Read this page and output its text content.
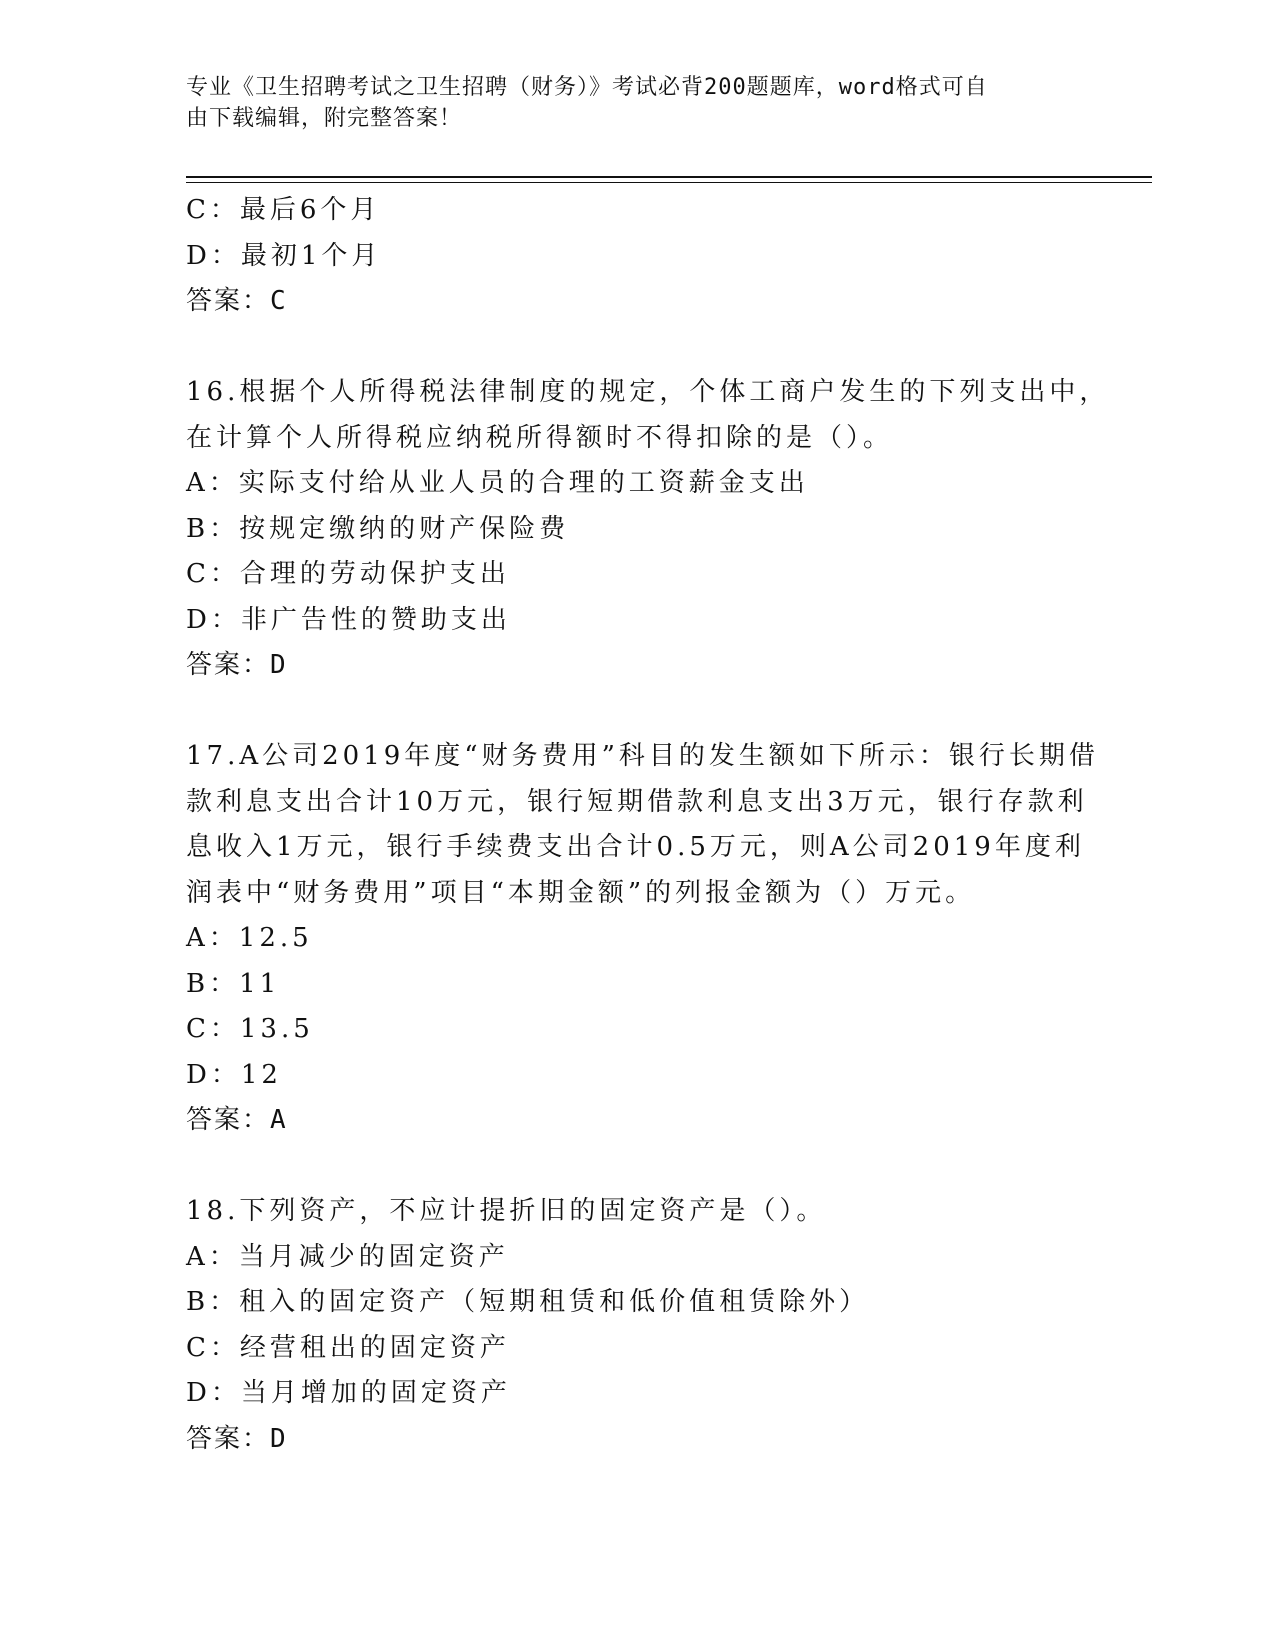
专业《卫生招聘考试之卫生招聘（财务）》考试必背200题题库，word格式可自
由下载编辑，附完整答案！
C：最后6个月
D：最初1个月
答案：C
16.根据个人所得税法律制度的规定，个体工商户发生的下列支出中，
在计算个人所得税应纳税所得额时不得扣除的是（）。
A：实际支付给从业人员的合理的工资薪金支出
B：按规定缴纳的财产保险费
C：合理的劳动保护支出
D：非广告性的赞助支出
答案：D
17.A公司2019年度“财务费用”科目的发生额如下所示：银行长期借
款利息支出合计10万元，银行短期借款利息支出3万元，银行存款利
息收入1万元，银行手续费支出合计0.5万元，则A公司2019年度利
润表中“财务费用”项目“本期金额”的列报金额为（）万元。
A：12.5
B：11
C：13.5
D：12
答案：A
18.下列资产，不应计提折旧的固定资产是（）。
A：当月减少的固定资产
B：租入的固定资产（短期租赁和低价值租赁除外）
C：经营租出的固定资产
D：当月增加的固定资产
答案：D
